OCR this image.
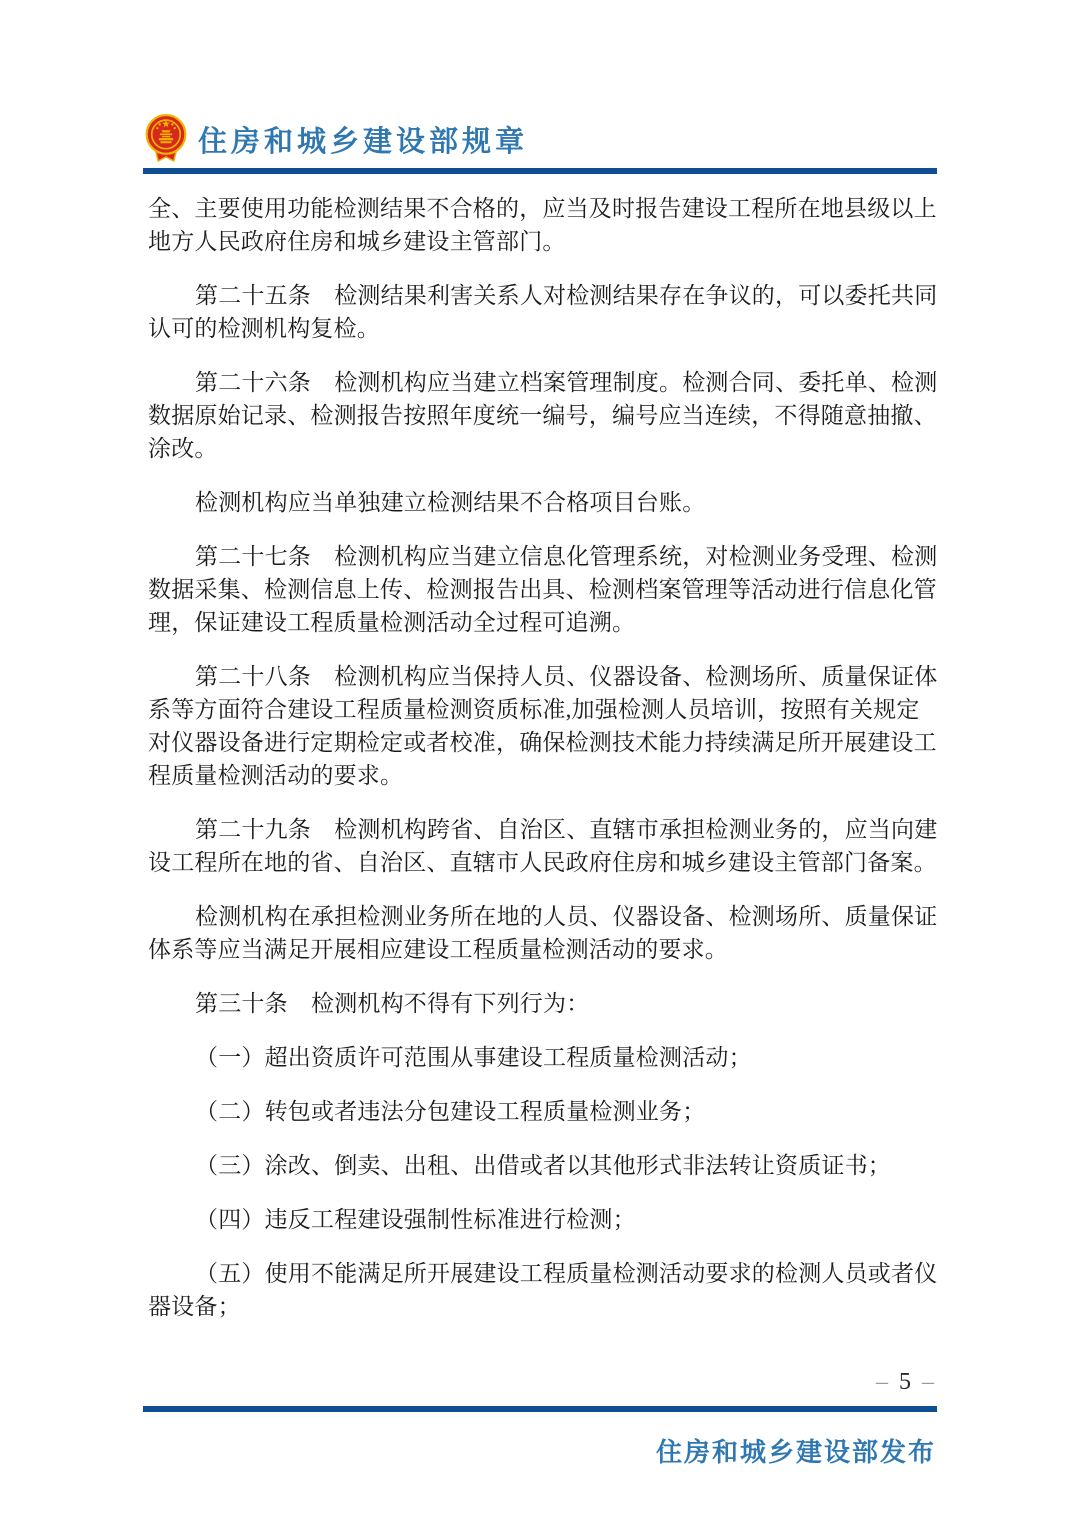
住房和城乡建设部规章
全、主要使用功能检测结果不合格的，应当及时报告建设工程所在地县级以上
地方人民政府住房和城乡建设主管部门。
第二十五条　检测结果利害关系人对检测结果存在争议的，可以委托共同
认可的检测机构复检。
第二十六条　检测机构应当建立档案管理制度。检测合同、委托单、检测
数据原始记录、检测报告按照年度统一编号，编号应当连续，不得随意抽撤、
涂改。
检测机构应当单独建立检测结果不合格项目台账。
第二十七条　检测机构应当建立信息化管理系统，对检测业务受理、检测
数据采集、检测信息上传、检测报告出具、检测档案管理等活动进行信息化管
理，保证建设工程质量检测活动全过程可追溯。
第二十八条　检测机构应当保持人员、仪器设备、检测场所、质量保证体
系等方面符合建设工程质量检测资质标准,加强检测人员培训，按照有关规定
对仪器设备进行定期检定或者校准，确保检测技术能力持续满足所开展建设工
程质量检测活动的要求。
第二十九条　检测机构跨省、自治区、直辖市承担检测业务的，应当向建
设工程所在地的省、自治区、直辖市人民政府住房和城乡建设主管部门备案。
检测机构在承担检测业务所在地的人员、仪器设备、检测场所、质量保证
体系等应当满足开展相应建设工程质量检测活动的要求。
第三十条　检测机构不得有下列行为：
（一）超出资质许可范围从事建设工程质量检测活动；
（二）转包或者违法分包建设工程质量检测业务；
（三）涂改、倒卖、出租、出借或者以其他形式非法转让资质证书；
（四）违反工程建设强制性标准进行检测；
（五）使用不能满足所开展建设工程质量检测活动要求的检测人员或者仪
器设备；
– 5 –
住房和城乡建设部发布
